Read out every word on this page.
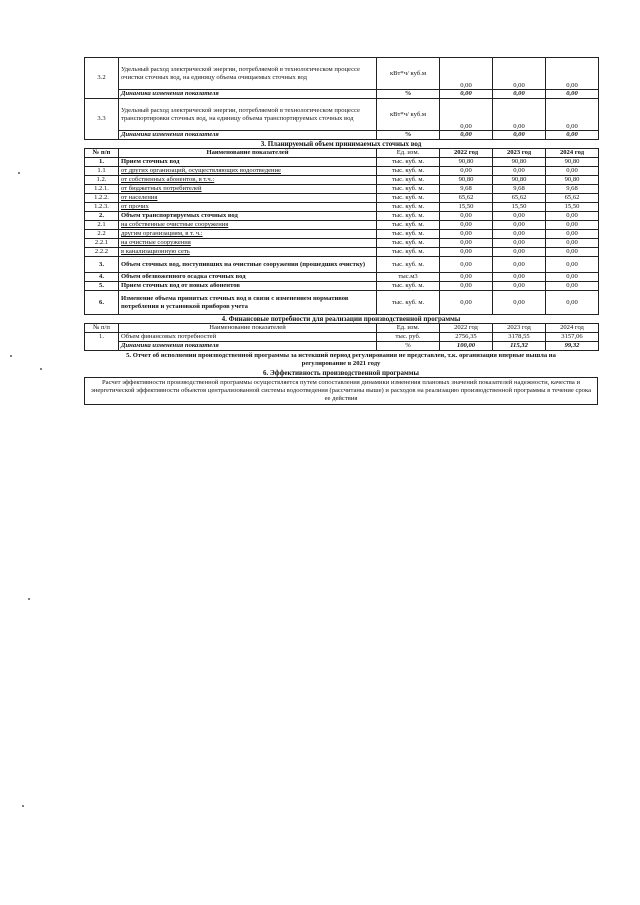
3.2	Удельный расход электрической энергии, потребляемой в технологическом процессе очистки сточных вод, на единицу объема очищаемых сточных вод	кВт*ч/ куб.м	0,00	0,00	0,00
	Динамика изменения показателя	%	0,00	0,00	0,00
3.3	Удельный расход электрической энергии, потребляемой в технологическом процессе транспортировки сточных вод, на единицу объема транспортируемых сточных вод	кВт*ч/ куб.м	0,00	0,00	0,00
	Динамика изменения показателя	%	0,00	0,00	0,00
3. Планируемый объем принимаемых сточных вод
№ п/п	Наименование показателей	Ед. изм.	2022 год	2023 год	2024 год
1.	Прием сточных вод	тыс. куб. м.	90,80	90,80	90,80
1.1	от других организаций, осуществляющих водоотведение	тыс. куб. м.	0,00	0,00	0,00
1.2.	от собственных абонентов, в т.ч.:	тыс. куб. м.	90,80	90,80	90,80
1.2.1.	от бюджетных потребителей	тыс. куб. м.	9,68	9,68	9,68
1.2.2.	от населения	тыс. куб. м.	65,62	65,62	65,62
1.2.3.	от прочих	тыс. куб. м.	15,50	15,50	15,50
2.	Объем транспортируемых сточных вод	тыс. куб. м.	0,00	0,00	0,00
2.1	на собственные очистные сооружения	тыс. куб. м.	0,00	0,00	0,00
2.2	другим организациям, в т. ч.:	тыс. куб. м.	0,00	0,00	0,00
2.2.1	на очистные сооружения	тыс. куб. м.	0,00	0,00	0,00
2.2.2	в канализационную сеть	тыс. куб. м.	0,00	0,00	0,00
3.	Объем сточных вод, поступивших на очистные сооружения (прошедших очистку)	тыс. куб. м.	0,00	0,00	0,00
4.	Объем обезвоженного осадка сточных вод	тыс.м3	0,00	0,00	0,00
5.	Прием сточных вод от новых абонентов	тыс. куб. м.	0,00	0,00	0,00
6.	Изменение объема принятых сточных вод в связи с изменением нормативов потребления и установкой приборов учета	тыс. куб. м.	0,00	0,00	0,00
4. Финансовые потребности для реализации производственной программы
№ п/п	Наименование показателей	Ед. изм.	2022 год	2023 год	2024 год
1.	Объем финансовых потребностей	тыс. руб.	2756,35	3178,55	3157,06
	Динамика изменения показателя	%	100,00	115,32	99,32
5. Отчет об исполнении производственной программы за истекший период регулирования не представлен, т.к. организация впервые вышла на регулирование в 2021 году
6. Эффективность производственной программы
Расчет эффективности производственной программы осуществляется путем сопоставления динамики изменения плановых значений показателей надежности, качества и энергетической эффективности объектов централизованной системы водоотведения (рассчитаны выше) и расходов на реализацию производственной программы в течение срока ее действия
